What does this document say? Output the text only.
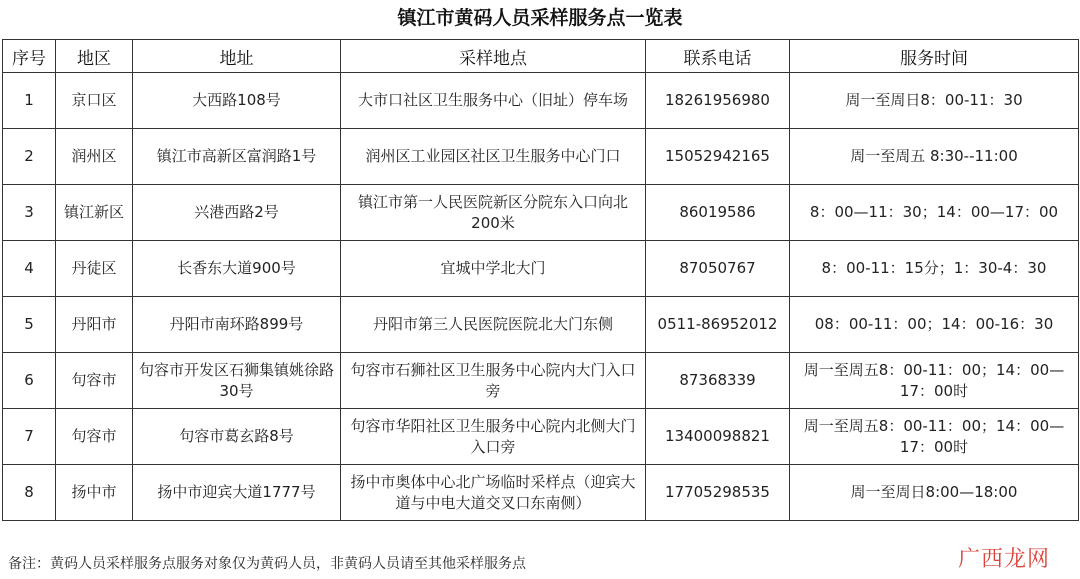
镇江市黄码人员采样服务点一览表
序号	地区	地址	采样地点	联系电话	服务时间
1	京口区	大西路108号	大市口社区卫生服务中心（旧址）停车场	18261956980	周一至周日8：00-11：30
2	润州区	镇江市高新区富润路1号	润州区工业园区社区卫生服务中心门口	15052942165	周一至周五 8:30--11:00
3	镇江新区	兴港西路2号	镇江市第一人民医院新区分院东入口向北200米	86019586	8：00—11：30；14：00—17：00
4	丹徒区	长香东大道900号	宜城中学北大门	87050767	8：00-11：15分；1：30-4：30
5	丹阳市	丹阳市南环路899号	丹阳市第三人民医院医院北大门东侧	0511-86952012	08：00-11：00；14：00-16：30
6	句容市	句容市开发区石狮集镇姚徐路30号	句容市石狮社区卫生服务中心院内大门入口旁	87368339	周一至周五8：00-11：00；14：00—17：00时
7	句容市	句容市葛玄路8号	句容市华阳社区卫生服务中心院内北侧大门入口旁	13400098821	周一至周五8：00-11：00；14：00—17：00时
8	扬中市	扬中市迎宾大道1777号	扬中市奥体中心北广场临时采样点（迎宾大道与中电大道交叉口东南侧）	17705298535	周一至周日8:00—18:00
备注：黄码人员采样服务点服务对象仅为黄码人员，非黄码人员请至其他采样服务点	广西龙网
